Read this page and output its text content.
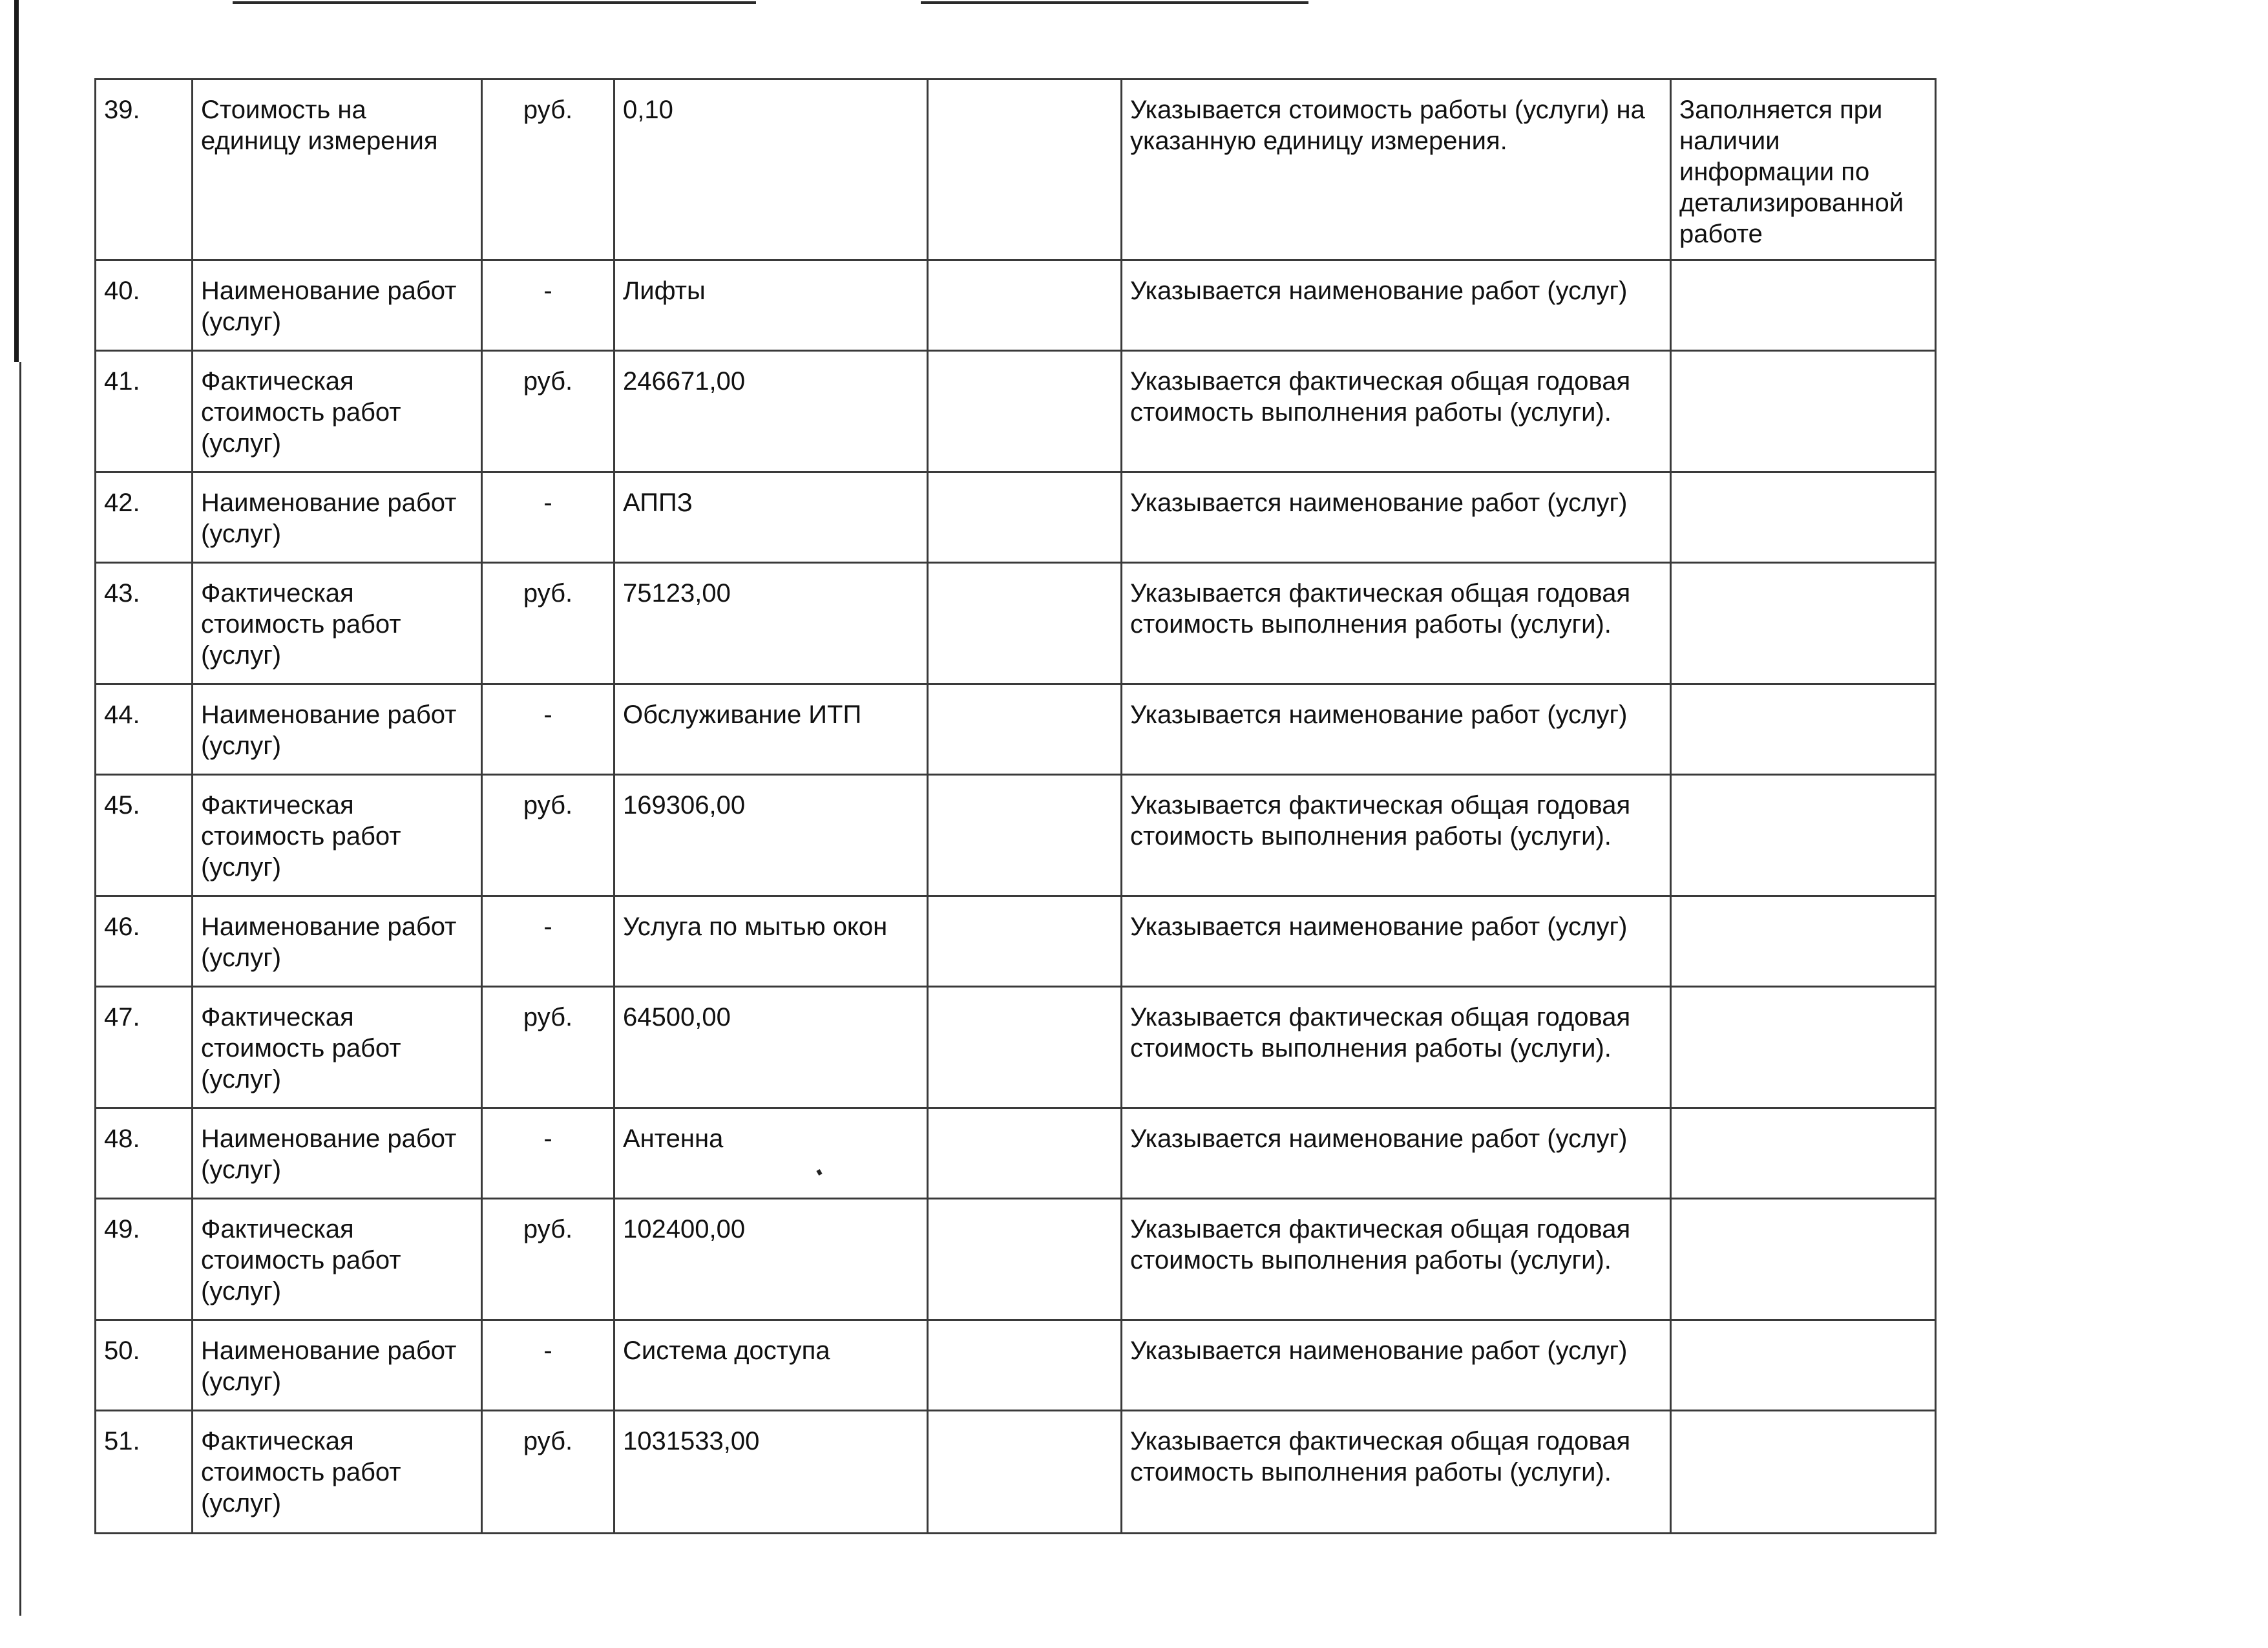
39.	Стоимость на единицу измерения	руб.	0,10		Указывается стоимость работы (услуги) на указанную единицу измерения.	Заполняется при наличии информации по детализированной работе
40.	Наименование работ (услуг)	-	Лифты		Указывается наименование работ (услуг)	
41.	Фактическая стоимость работ (услуг)	руб.	246671,00		Указывается фактическая общая годовая стоимость выполнения работы (услуги).	
42.	Наименование работ (услуг)	-	АППЗ		Указывается наименование работ (услуг)	
43.	Фактическая стоимость работ (услуг)	руб.	75123,00		Указывается фактическая общая годовая стоимость выполнения работы (услуги).	
44.	Наименование работ (услуг)	-	Обслуживание ИТП		Указывается наименование работ (услуг)	
45.	Фактическая стоимость работ (услуг)	руб.	169306,00		Указывается фактическая общая годовая стоимость выполнения работы (услуги).	
46.	Наименование работ (услуг)	-	Услуга по мытью окон		Указывается наименование работ (услуг)	
47.	Фактическая стоимость работ (услуг)	руб.	64500,00		Указывается фактическая общая годовая стоимость выполнения работы (услуги).	
48.	Наименование работ (услуг)	-	Антенна		Указывается наименование работ (услуг)	
49.	Фактическая стоимость работ (услуг)	руб.	102400,00		Указывается фактическая общая годовая стоимость выполнения работы (услуги).	
50.	Наименование работ (услуг)	-	Система доступа		Указывается наименование работ (услуг)	
51.	Фактическая стоимость работ (услуг)	руб.	1031533,00		Указывается фактическая общая годовая стоимость выполнения работы (услуги).	
